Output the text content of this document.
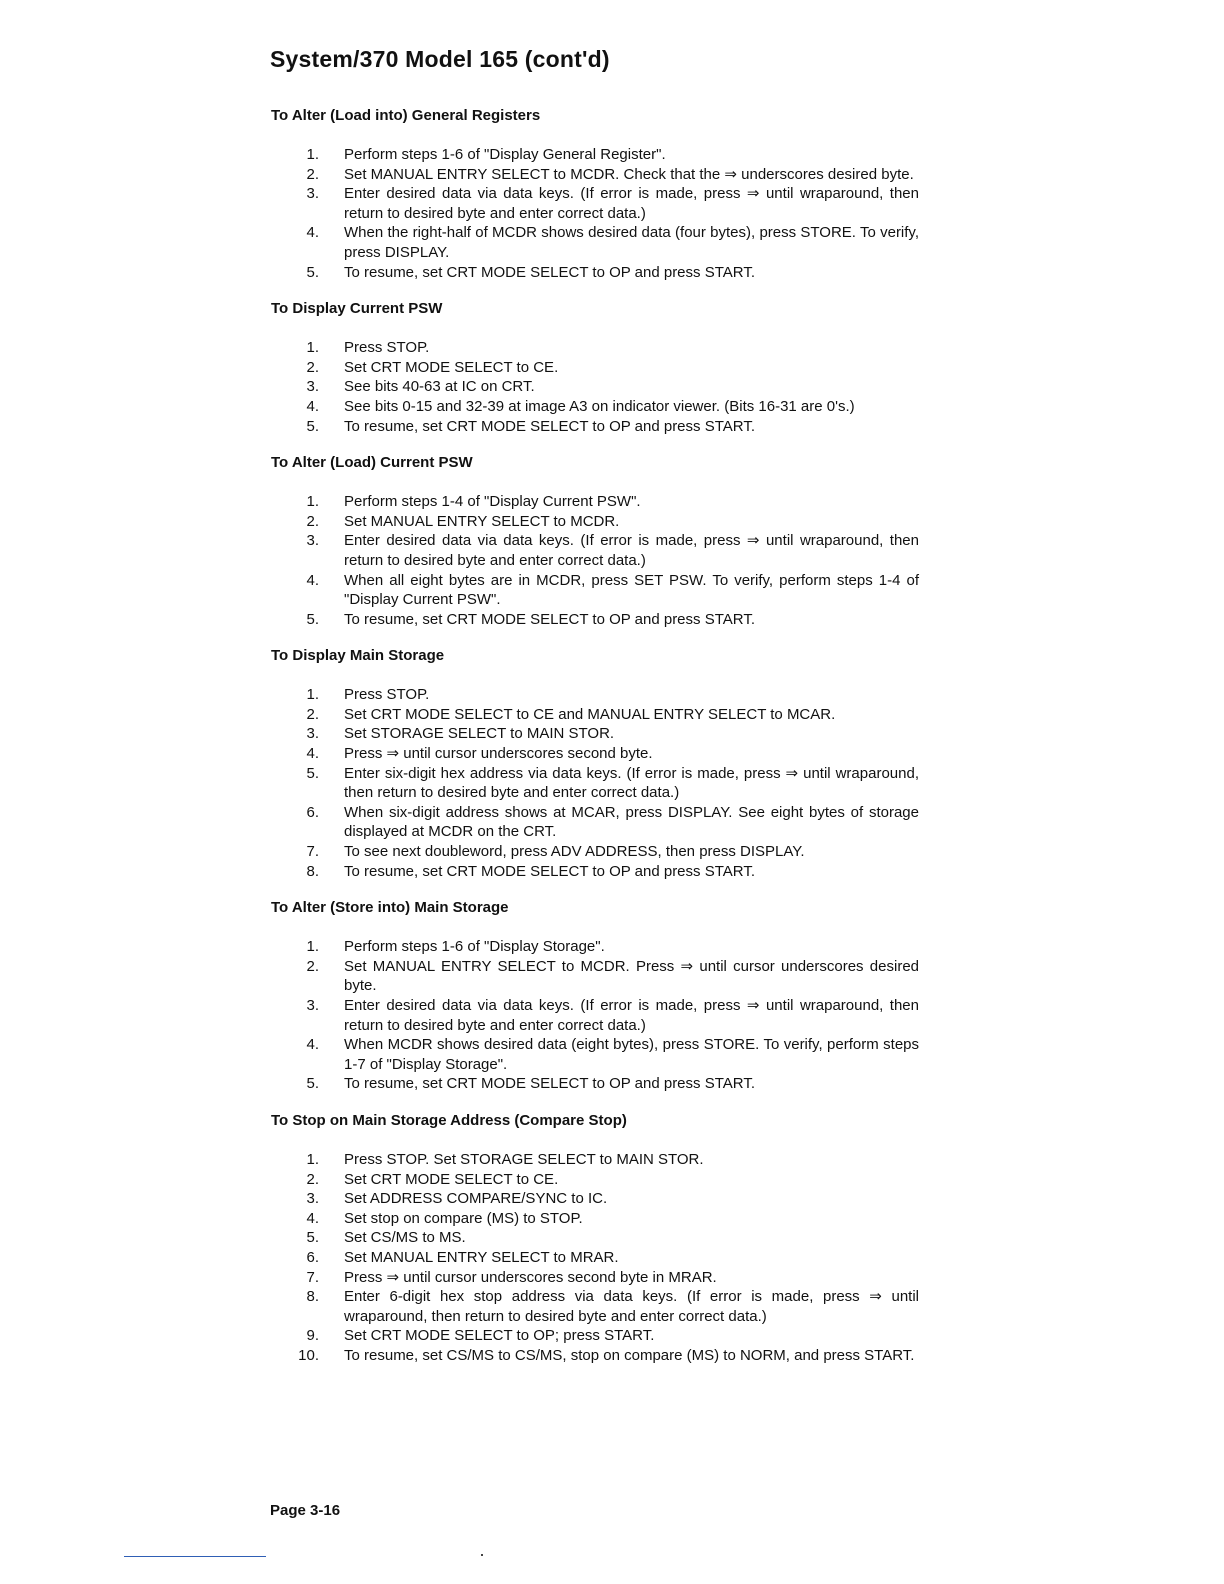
System/370 Model 165 (cont'd)
To Alter (Load into) General Registers
1. Perform steps 1-6 of "Display General Register".
2. Set MANUAL ENTRY SELECT to MCDR. Check that the ⇒ underscores desired byte.
3. Enter desired data via data keys. (If error is made, press ⇒ until wraparound, then return to desired byte and enter correct data.)
4. When the right-half of MCDR shows desired data (four bytes), press STORE. To verify, press DISPLAY.
5. To resume, set CRT MODE SELECT to OP and press START.
To Display Current PSW
1. Press STOP.
2. Set CRT MODE SELECT to CE.
3. See bits 40-63 at IC on CRT.
4. See bits 0-15 and 32-39 at image A3 on indicator viewer. (Bits 16-31 are 0's.)
5. To resume, set CRT MODE SELECT to OP and press START.
To Alter (Load) Current PSW
1. Perform steps 1-4 of "Display Current PSW".
2. Set MANUAL ENTRY SELECT to MCDR.
3. Enter desired data via data keys. (If error is made, press ⇒ until wraparound, then return to desired byte and enter correct data.)
4. When all eight bytes are in MCDR, press SET PSW. To verify, perform steps 1-4 of "Display Current PSW".
5. To resume, set CRT MODE SELECT to OP and press START.
To Display Main Storage
1. Press STOP.
2. Set CRT MODE SELECT to CE and MANUAL ENTRY SELECT to MCAR.
3. Set STORAGE SELECT to MAIN STOR.
4. Press ⇒ until cursor underscores second byte.
5. Enter six-digit hex address via data keys. (If error is made, press ⇒ until wraparound, then return to desired byte and enter correct data.)
6. When six-digit address shows at MCAR, press DISPLAY. See eight bytes of storage displayed at MCDR on the CRT.
7. To see next doubleword, press ADV ADDRESS, then press DISPLAY.
8. To resume, set CRT MODE SELECT to OP and press START.
To Alter (Store into) Main Storage
1. Perform steps 1-6 of "Display Storage".
2. Set MANUAL ENTRY SELECT to MCDR. Press ⇒ until cursor underscores desired byte.
3. Enter desired data via data keys. (If error is made, press ⇒ until wraparound, then return to desired byte and enter correct data.)
4. When MCDR shows desired data (eight bytes), press STORE. To verify, perform steps 1-7 of "Display Storage".
5. To resume, set CRT MODE SELECT to OP and press START.
To Stop on Main Storage Address (Compare Stop)
1. Press STOP. Set STORAGE SELECT to MAIN STOR.
2. Set CRT MODE SELECT to CE.
3. Set ADDRESS COMPARE/SYNC to IC.
4. Set stop on compare (MS) to STOP.
5. Set CS/MS to MS.
6. Set MANUAL ENTRY SELECT to MRAR.
7. Press ⇒ until cursor underscores second byte in MRAR.
8. Enter 6-digit hex stop address via data keys. (If error is made, press ⇒ until wraparound, then return to desired byte and enter correct data.)
9. Set CRT MODE SELECT to OP; press START.
10. To resume, set CS/MS to CS/MS, stop on compare (MS) to NORM, and press START.
Page 3-16
